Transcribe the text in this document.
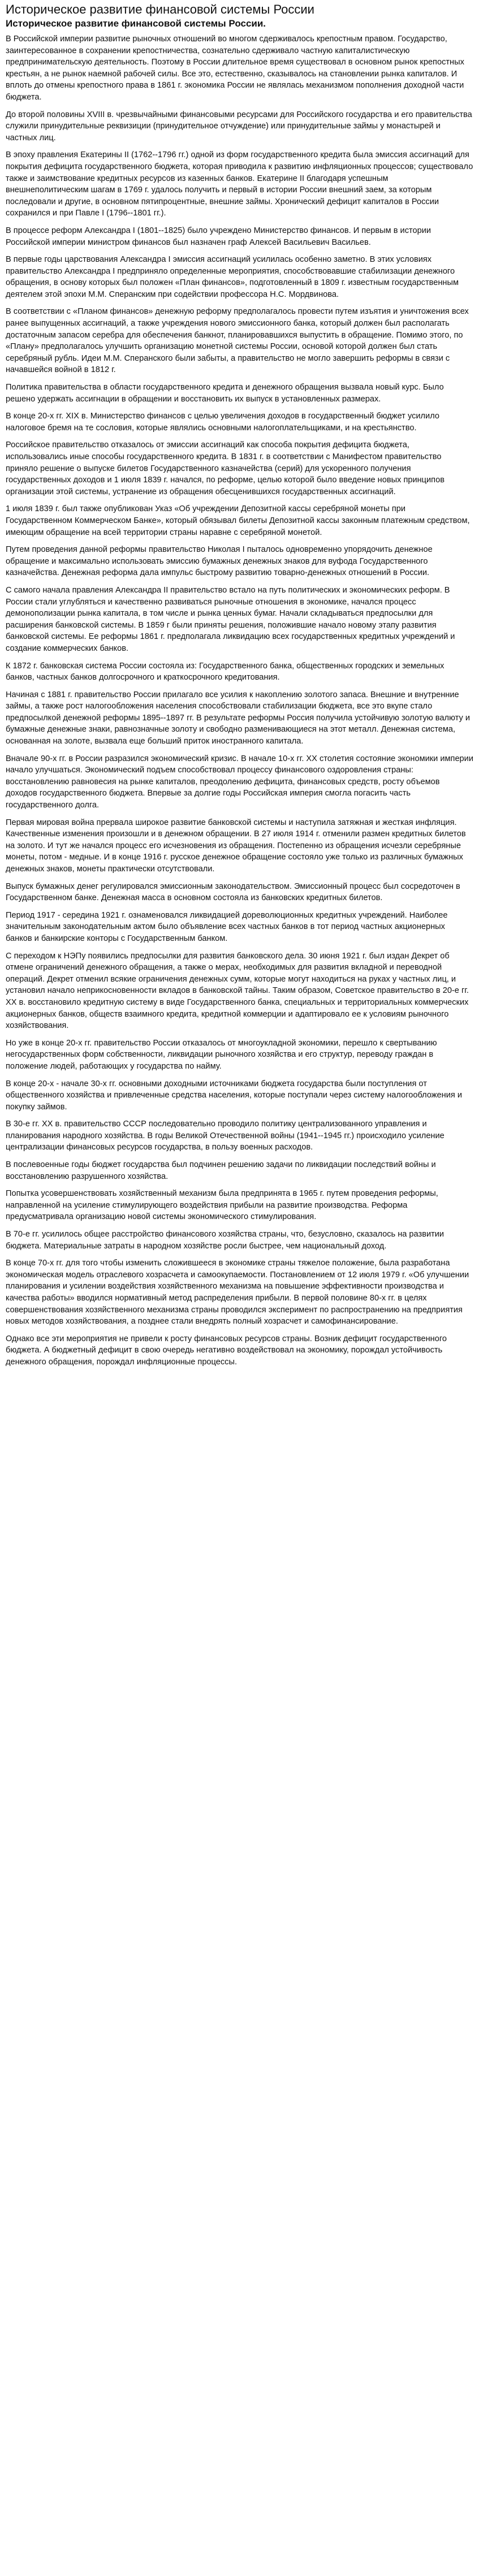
Историческое развитие финансовой системы России
Историческое развитие финансовой системы России.

В Российской империи развитие рыночных отношений во многом сдерживалось крепостным правом. Государство, заинтересованное в сохранении крепостничества, сознательно сдерживало частную капиталистическую предпринимательскую деятельность. Поэтому в России длительное время существовал в основном рынок крепостных крестьян, а не рынок наемной рабочей силы. Все это, естественно, сказывалось на становлении рынка капиталов. И вплоть до отмены крепостного права в 1861 г. экономика России не являлась механизмом пополнения доходной части бюджета.

До второй половины XVIII в. чрезвычайными финансовыми ресурсами для Российского государства и его правительства служили принудительные реквизиции (принудительное отчуждение) или принудительные займы у монастырей и частных лиц.

В эпоху правления Екатерины II (1762--1796 гг.) одной из форм государственного кредита была эмиссия ассигнаций для покрытия дефицита государственного бюджета, которая приводила к развитию инфляционных процессов; существовало также и заимствование кредитных ресурсов из казенных банков. Екатерине II благодаря успешным внешнеполитическим шагам в 1769 г. удалось получить и первый в истории России внешний заем, за которым последовали и другие, в основном пятипроцентные, внешние займы. Хронический дефицит капиталов в России сохранился и при Павле I (1796--1801 гг.).

В процессе реформ Александра I (1801--1825) было учреждено Министерство финансов. И первым в истории Российской империи министром финансов был назначен граф Алексей Васильевич Васильев.

В первые годы царствования Александра I эмиссия ассигнаций усилилась особенно заметно. В этих условиях правительство Александра I предприняло определенные мероприятия, способствовавшие стабилизации денежного обращения, в основу которых был положен «План финансов», подготовленный в 1809 г. известным государственным деятелем этой эпохи М.М. Сперанским при содействии профессора Н.С. Мордвинова.

В соответствии с «Планом финансов» денежную реформу предполагалось провести путем изъятия и уничтожения всех ранее выпущенных ассигнаций, а также учреждения нового эмиссионного банка, который должен был располагать достаточным запасом серебра для обеспечения банкнот, планировавшихся выпустить в обращение. Помимо этого, по «Плану» предполагалось улучшить организацию монетной системы России, основой которой должен был стать серебряный рубль. Идеи М.М. Сперанского были забыты, а правительство не могло завершить реформы в связи с начавшейся войной в 1812 г.

Политика правительства в области государственного кредита и денежного обращения вызвала новый курс. Было решено удержать ассигнации в обращении и восстановить их выпуск в установленных размерах.

В конце 20-х гг. XIX в. Министерство финансов с целью увеличения доходов в государственный бюджет усилило налоговое бремя на те сословия, которые являлись основными налогоплательщиками, и на крестьянство.

Российское правительство отказалось от эмиссии ассигнаций как способа покрытия дефицита бюджета, использовались иные способы государственного кредита. В 1831 г. в соответствии с Манифестом правительство приняло решение о выпуске билетов Государственного казначейства (серий) для ускоренного получения государственных доходов и 1 июля 1839 г. начался, по реформе, целью которой было введение новых принципов организации этой системы, устранение из обращения обесценившихся государственных ассигнаций.

1 июля 1839 г. был также опубликован Указ «Об учреждении Депозитной кассы серебряной монеты при Государственном Коммерческом Банке», который обязывал билеты Депозитной кассы законным платежным средством, имеющим обращение на всей территории страны наравне с серебряной монетой.

Путем проведения данной реформы правительство Николая I пыталось одновременно упорядочить денежное обращение и максимально использовать эмиссию бумажных денежных знаков для вуфода Государственного казначейства. Денежная реформа дала импульс быстрому развитию товарно-денежных отношений в России.

С самого начала правления Александра II правительство встало на путь политических и экономических реформ. В России стали углубляться и качественно развиваться рыночные отношения в экономике, начался процесс демонополизации рынка капитала, в том числе и рынка ценных бумаг. Начали складываться предпосылки для расширения банковской системы. В 1859 г были приняты решения, положившие начало новому этапу развития банковской системы. Ее реформы 1861 г. предполагала ликвидацию всех государственных кредитных учреждений и создание коммерческих банков.

К 1872 г. банковская система России состояла из: Государственного банка, общественных городских и земельных банков, частных банков долгосрочного и краткосрочного кредитования.

Начиная с 1881 г. правительство России прилагало все усилия к накоплению золотого запаса. Внешние и внутренние займы, а также рост налогообложения населения способствовали стабилизации бюджета, все это вкупе стало предпосылкой денежной реформы 1895--1897 гг. В результате реформы Россия получила устойчивую золотую валюту и бумажные денежные знаки, равнозначные золоту и свободно разменивающиеся на этот металл. Денежная система, основанная на золоте, вызвала еще больший приток иностранного капитала.

Вначале 90-х гг. в России разразился экономический кризис. В начале 10-х гг. XX столетия состояние экономики империи начало улучшаться. Экономический подъем способствовал процессу финансового оздоровления страны: восстановлению равновесия на рынке капиталов, преодолению дефицита, финансовых средств, росту объемов доходов государственного бюджета. Впервые за долгие годы Российская империя смогла погасить часть государственного долга.

Первая мировая война прервала широкое развитие банковской системы и наступила затяжная и жесткая инфляция. Качественные изменения произошли и в денежном обращении. В 27 июля 1914 г. отменили размен кредитных билетов на золото. И тут же начался процесс его исчезновения из обращения. Постепенно из обращения исчезли серебряные монеты, потом - медные. И в конце 1916 г. русское денежное обращение состояло уже только из различных бумажных денежных знаков, монеты практически отсутствовали.

Выпуск бумажных денег регулировался эмиссионным законодательством. Эмиссионный процесс был сосредоточен в Государственном банке. Денежная масса в основном состояла из банковских кредитных билетов.

Период 1917 - середина 1921 г. ознаменовался ликвидацией дореволюционных кредитных учреждений. Наиболее значительным законодательным актом было объявление всех частных банков в тот период частных акционерных банков и банкирские конторы с Государственным банком.

С переходом к НЭПу появились предпосылки для развития банковского дела. 30 июня 1921 г. был издан Декрет об отмене ограничений денежного обращения, а также о мерах, необходимых для развития вкладной и переводной операций. Декрет отменил всякие ограничения денежных сумм, которые могут находиться на руках у частных лиц, и установил начало неприкосновенности вкладов в банковской тайны. Таким образом, Советское правительство в 20-е гг. XX в. восстановило кредитную систему в виде Государственного банка, специальных и территориальных коммерческих акционерных банков, обществ взаимного кредита, кредитной коммерции и адаптировало ее к условиям рыночного хозяйствования.

Но уже в конце 20-х гг. правительство России отказалось от многоукладной экономики, перешло к свертыванию негосударственных форм собственности, ликвидации рыночного хозяйства и его структур, переводу граждан в положение людей, работающих у государства по найму.

В конце 20-х - начале 30-х гг. основными доходными источниками бюджета государства были поступления от общественного хозяйства и привлеченные средства населения, которые поступали через систему налогообложения и покупку займов.

В 30-е гг. XX в. правительство СССР последовательно проводило политику централизованного управления и планирования народного хозяйства. В годы Великой Отечественной войны (1941--1945 гг.) происходило усиление централизации финансовых ресурсов государства, в пользу военных расходов.

В послевоенные годы бюджет государства был подчинен решению задачи по ликвидации последствий войны и восстановлению разрушенного хозяйства.

Попытка усовершенствовать хозяйственный механизм была предпринята в 1965 г. путем проведения реформы, направленной на усиление стимулирующего воздействия прибыли на развитие производства. Реформа предусматривала организацию новой системы экономического стимулирования.

В 70-е гг. усилилось общее расстройство финансового хозяйства страны, что, безусловно, сказалось на развитии бюджета. Материальные затраты в народном хозяйстве росли быстрее, чем национальный доход.

В конце 70-х гг. для того чтобы изменить сложившееся в экономике страны тяжелое положение, была разработана экономическая модель отраслевого хозрасчета и самоокупаемости. Постановлением от 12 июля 1979 г. «Об улучшении планирования и усилении воздействия хозяйственного механизма на повышение эффективности производства и качества работы» вводился нормативный метод распределения прибыли. В первой половине 80-х гг. в целях совершенствования хозяйственного механизма страны проводился эксперимент по распространению на предприятия новых методов хозяйствования, а позднее стали внедрять полный хозрасчет и самофинансирование.

Однако все эти мероприятия не привели к росту финансовых ресурсов страны. Возник дефицит государственного бюджета. А бюджетный дефицит в свою очередь негативно воздействовал на экономику, порождал устойчивость денежного обращения, порождал инфляционные процессы.
